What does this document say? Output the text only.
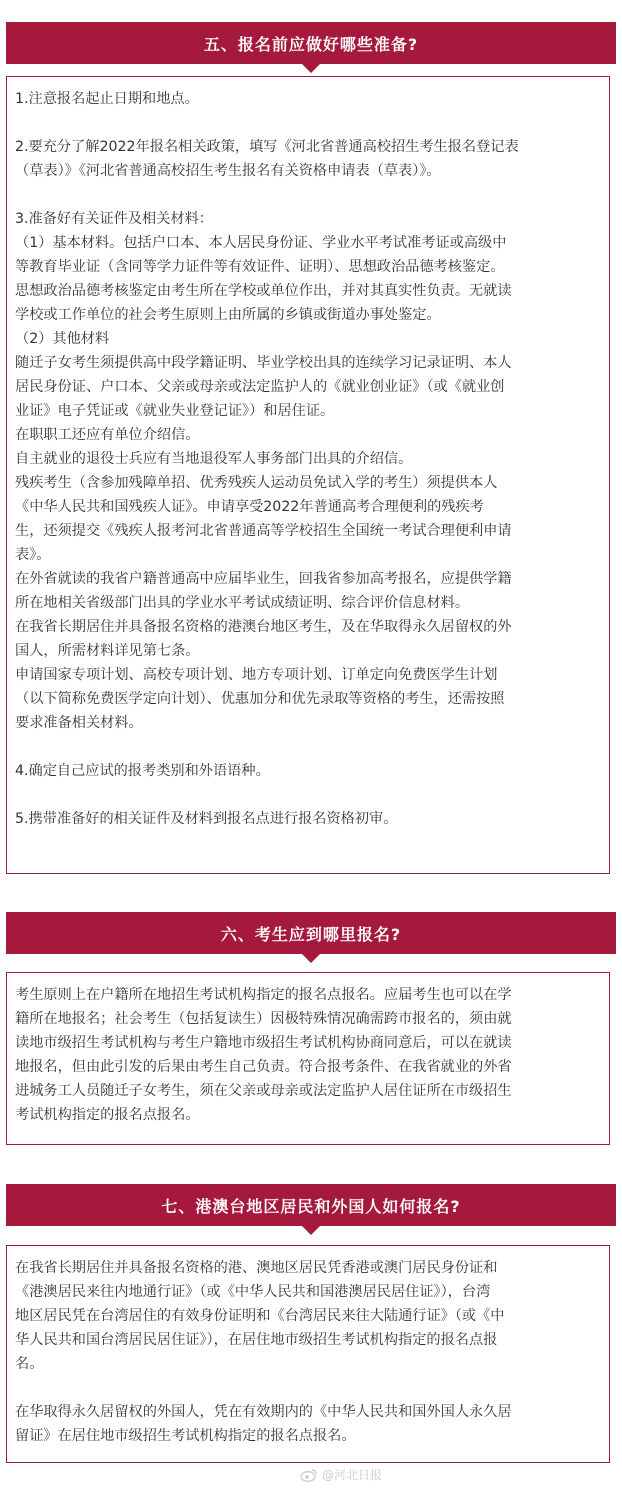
五、报名前应做好哪些准备?
1.注意报名起止日期和地点。
2.要充分了解2022年报名相关政策，填写《河北省普通高校招生考生报名登记表
（草表）》《河北省普通高校招生考生报名有关资格申请表（草表）》。
3.准备好有关证件及相关材料：
（1）基本材料。包括户口本、本人居民身份证、学业水平考试准考证或高级中
等教育毕业证（含同等学力证件等有效证件、证明）、思想政治品德考核鉴定。
思想政治品德考核鉴定由考生所在学校或单位作出，并对其真实性负责。无就读
学校或工作单位的社会考生原则上由所属的乡镇或街道办事处鉴定。
（2）其他材料
随迁子女考生须提供高中段学籍证明、毕业学校出具的连续学习记录证明、本人
居民身份证、户口本、父亲或母亲或法定监护人的《就业创业证》（或《就业创
业证》电子凭证或《就业失业登记证》）和居住证。
在职职工还应有单位介绍信。
自主就业的退役士兵应有当地退役军人事务部门出具的介绍信。
残疾考生（含参加残障单招、优秀残疾人运动员免试入学的考生）须提供本人
《中华人民共和国残疾人证》。申请享受2022年普通高考合理便利的残疾考
生，还须提交《残疾人报考河北省普通高等学校招生全国统一考试合理便利申请
表》。
在外省就读的我省户籍普通高中应届毕业生，回我省参加高考报名，应提供学籍
所在地相关省级部门出具的学业水平考试成绩证明、综合评价信息材料。
在我省长期居住并具备报名资格的港澳台地区考生，及在华取得永久居留权的外
国人，所需材料详见第七条。
申请国家专项计划、高校专项计划、地方专项计划、订单定向免费医学生计划
（以下简称免费医学定向计划）、优惠加分和优先录取等资格的考生，还需按照
要求准备相关材料。
4.确定自己应试的报考类别和外语语种。
5.携带准备好的相关证件及材料到报名点进行报名资格初审。
六、考生应到哪里报名?
考生原则上在户籍所在地招生考试机构指定的报名点报名。应届考生也可以在学
籍所在地报名；社会考生（包括复读生）因极特殊情况确需跨市报名的，须由就
读地市级招生考试机构与考生户籍地市级招生考试机构协商同意后，可以在就读
地报名，但由此引发的后果由考生自己负责。符合报考条件、在我省就业的外省
进城务工人员随迁子女考生，须在父亲或母亲或法定监护人居住证所在市级招生
考试机构指定的报名点报名。
七、港澳台地区居民和外国人如何报名?
在我省长期居住并具备报名资格的港、澳地区居民凭香港或澳门居民身份证和
《港澳居民来往内地通行证》（或《中华人民共和国港澳居民居住证》），台湾
地区居民凭在台湾居住的有效身份证明和《台湾居民来往大陆通行证》（或《中
华人民共和国台湾居民居住证》），在居住地市级招生考试机构指定的报名点报
名。
在华取得永久居留权的外国人，凭在有效期内的《中华人民共和国外国人永久居
留证》在居住地市级招生考试机构指定的报名点报名。
@河北日报
